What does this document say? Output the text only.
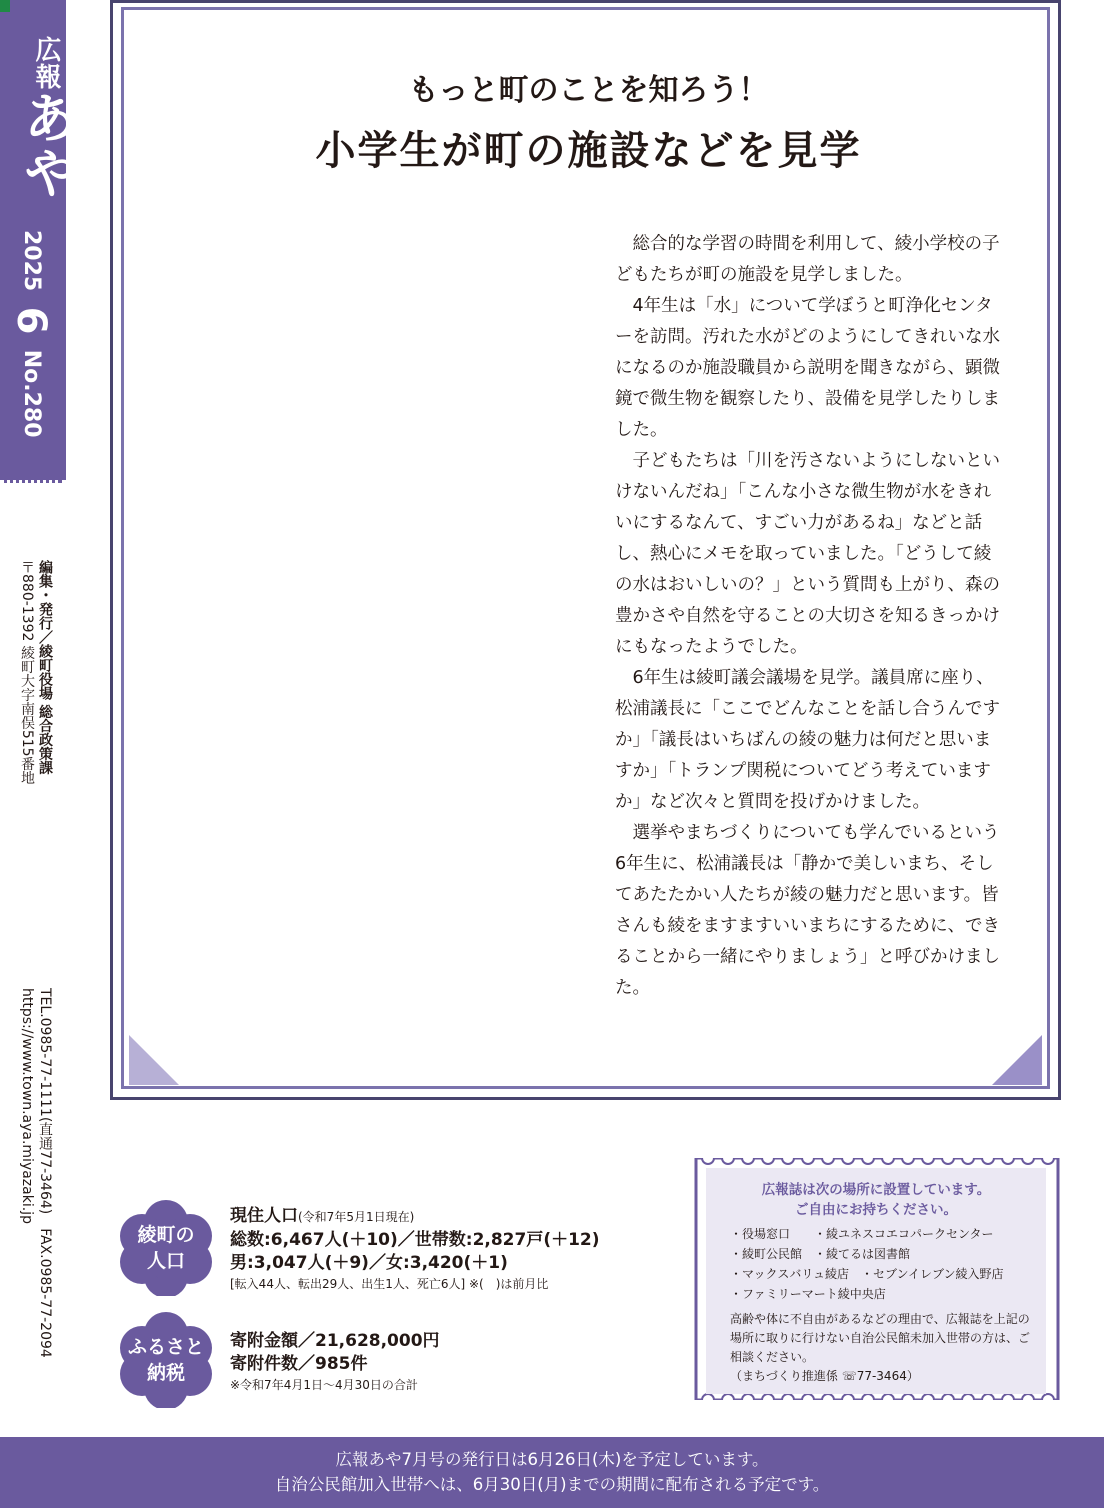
広報あや
2025  6  No.280
編集・発行／綾町役場 総合政策課
〒880-1392 綾町大字南俣515番地
TEL.0985-77-1111(直通77-3464)　FAX.0985-77-2094
https://www.town.aya.miyazaki.jp
もっと町のことを知ろう！
小学生が町の施設などを見学

総合的な学習の時間を利用して、綾小学校の子どもたちが町の施設を見学しました。

4年生は「水」について学ぼうと町浄化センターを訪問。汚れた水がどのようにしてきれいな水になるのか施設職員から説明を聞きながら、顕微鏡で微生物を観察したり、設備を見学したりしました。

子どもたちは「川を汚さないようにしないといけないんだね」「こんな小さな微生物が水をきれいにするなんて、すごい力があるね」などと話し、熱心にメモを取っていました。「どうして綾の水はおいしいの？」という質問も上がり、森の豊かさや自然を守ることの大切さを知るきっかけにもなったようでした。

6年生は綾町議会議場を見学。議員席に座り、松浦議長に「ここでどんなことを話し合うんですか」「議長はいちばんの綾の魅力は何だと思いますか」「トランプ関税についてどう考えていますか」など次々と質問を投げかけました。

選挙やまちづくりについても学んでいるという6年生に、松浦議長は「静かで美しいまち、そしてあたたかい人たちが綾の魅力だと思います。皆さんも綾をますますいいまちにするために、できることから一緒にやりましょう」と呼びかけました。

綾町の人口
現住人口(令和7年5月1日現在)
総数:6,467人(＋10)／世帯数:2,827戸(＋12)
男:3,047人(＋9)／女:3,420(＋1)
[転入44人、転出29人、出生1人、死亡6人] ※(　)は前月比
ふるさと納税
寄附金額／21,628,000円
寄附件数／985件
※令和7年4月1日～4月30日の合計
広報誌は次の場所に設置しています。
ご自由にお持ちください。
・役場窓口　　・綾ユネスコエコパークセンター
・綾町公民館　・綾てるは図書館
・マックスバリュ綾店　・セブンイレブン綾入野店
・ファミリーマート綾中央店
高齢や体に不自由があるなどの理由で、広報誌を上記の場所に取りに行けない自治公民館未加入世帯の方は、ご相談ください。
（まちづくり推進係 ☏77-3464）
広報あや7月号の発行日は6月26日(木)を予定しています。
自治公民館加入世帯へは、6月30日(月)までの期間に配布される予定です。
